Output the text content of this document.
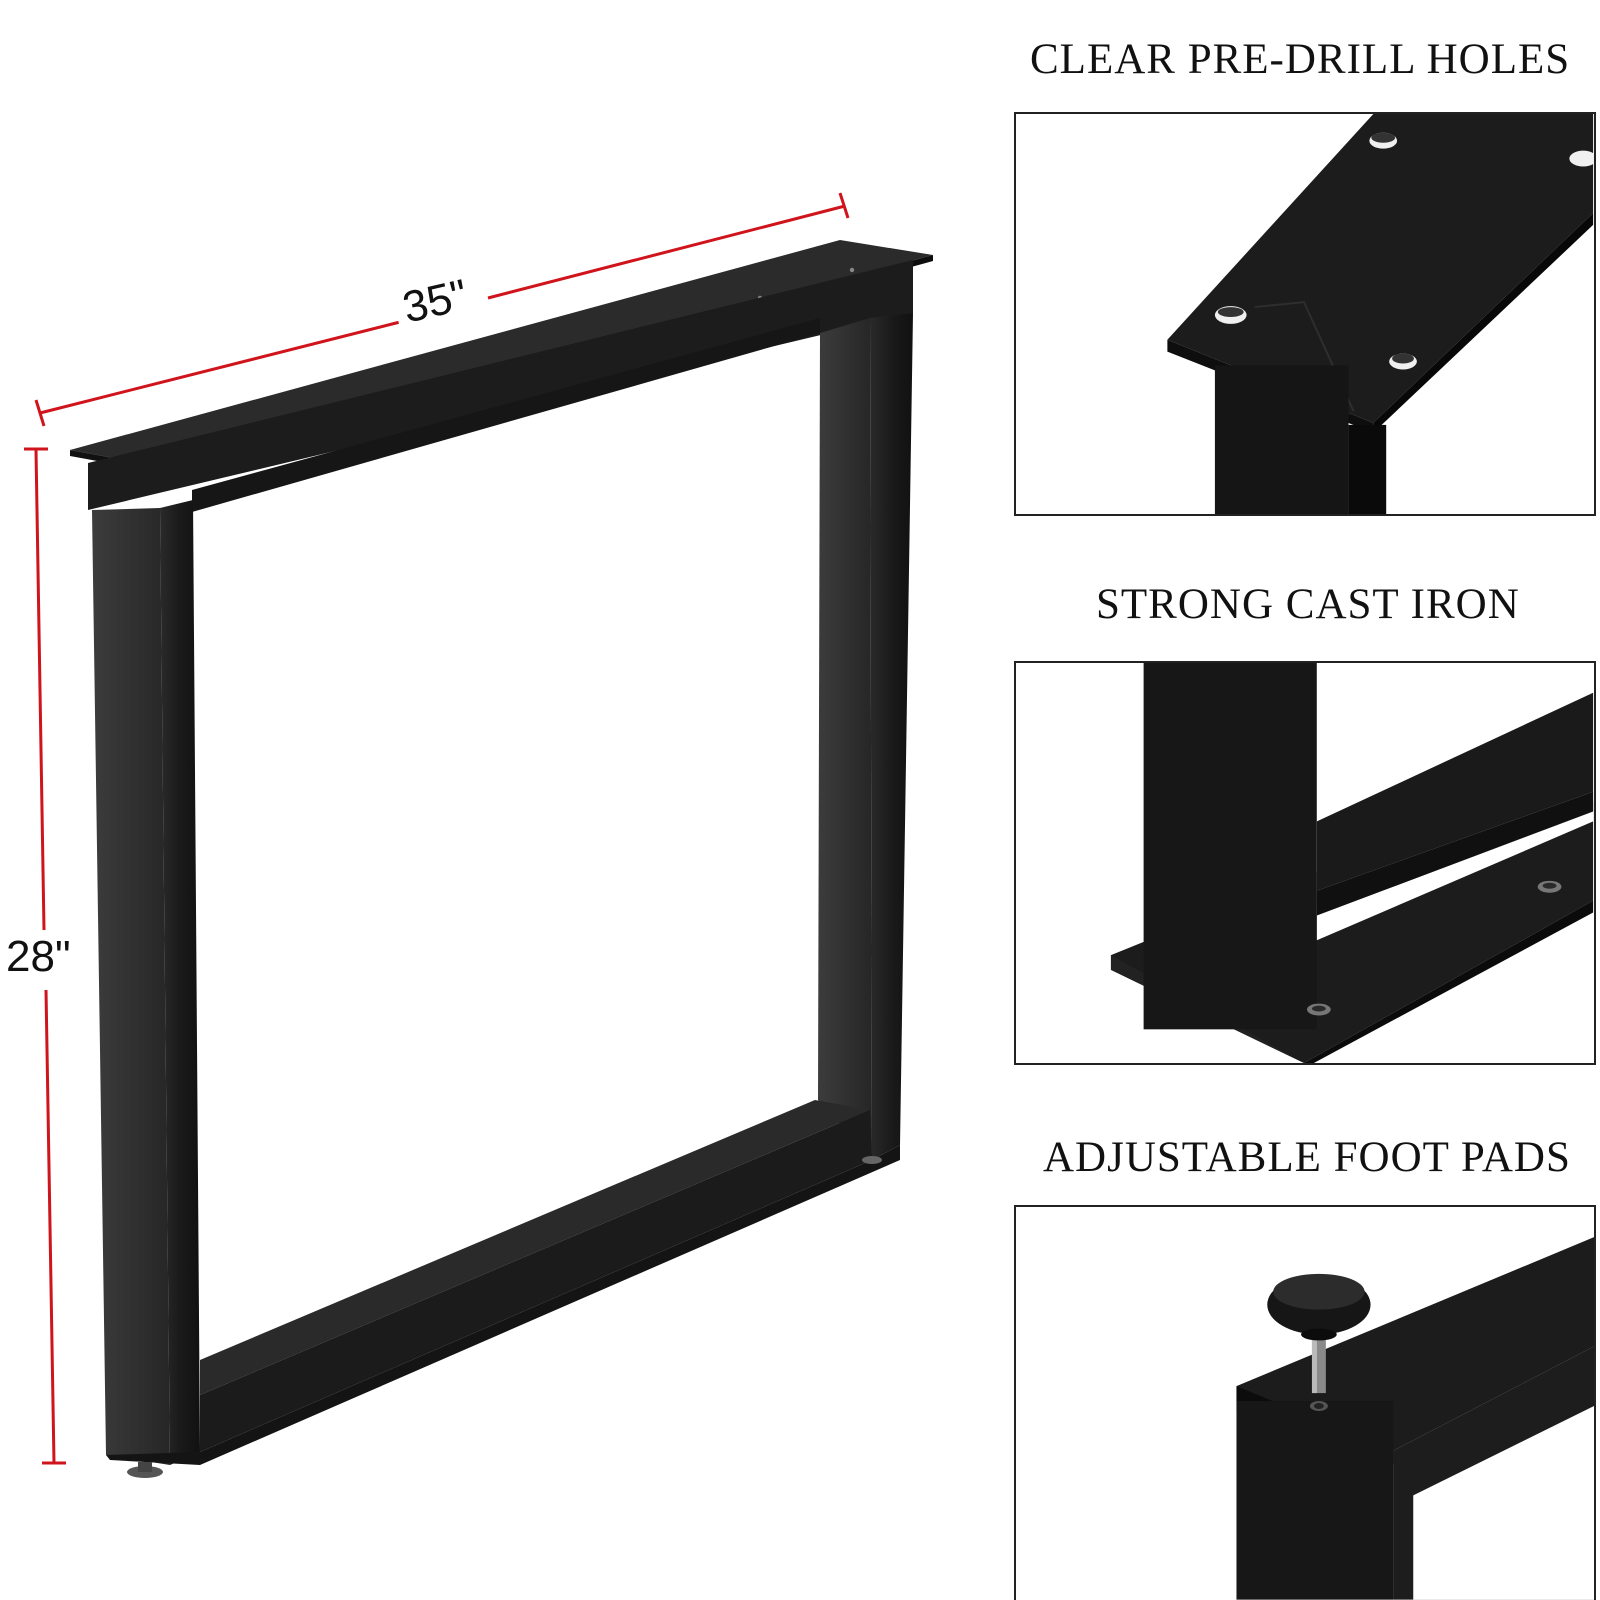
35"
28"
CLEAR PRE-DRILL HOLES
STRONG CAST IRON
ADJUSTABLE FOOT PADS
